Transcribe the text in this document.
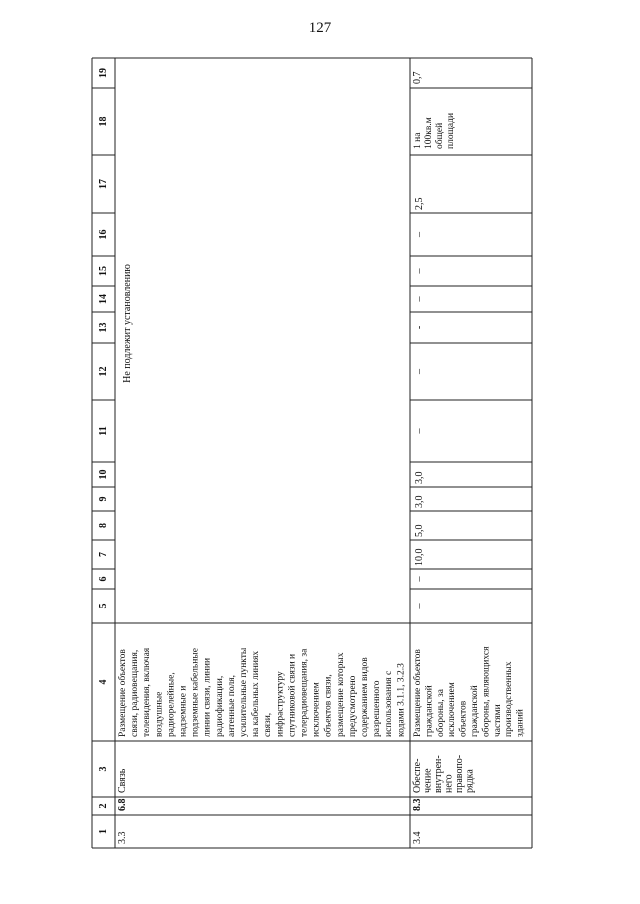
127
1
2
3
4
5
6
7
8
9
10
11
12
13
14
15
16
17
18
19
3.3
6.8
Связь
Размещение объектов связи, радиовещания, телевидения, включая воздушные радиорелейные, надземные и подземные кабельные линии связи, линии радиофикации, антенные поля, усилительные пункты на кабельных линиях связи, инфраструктуру спутниковой связи и телерадиовещания, за исключением объектов связи, размещение которых предусмотрено содержанием видов разрешенного использования с кодами 3.1.1, 3.2.3
Не подлежит установлению
3.4
8.3
Обеспе- чение внутрен- него правопо- рядка
Размещение объектов гражданской обороны, за исключением объектов гражданской обороны, являющихся частями производственных зданий
–
–
10,0
5,0
3,0
3,0
–
–
-
–
–
–
2,5
1 на 100кв.м общей площади
0,7
